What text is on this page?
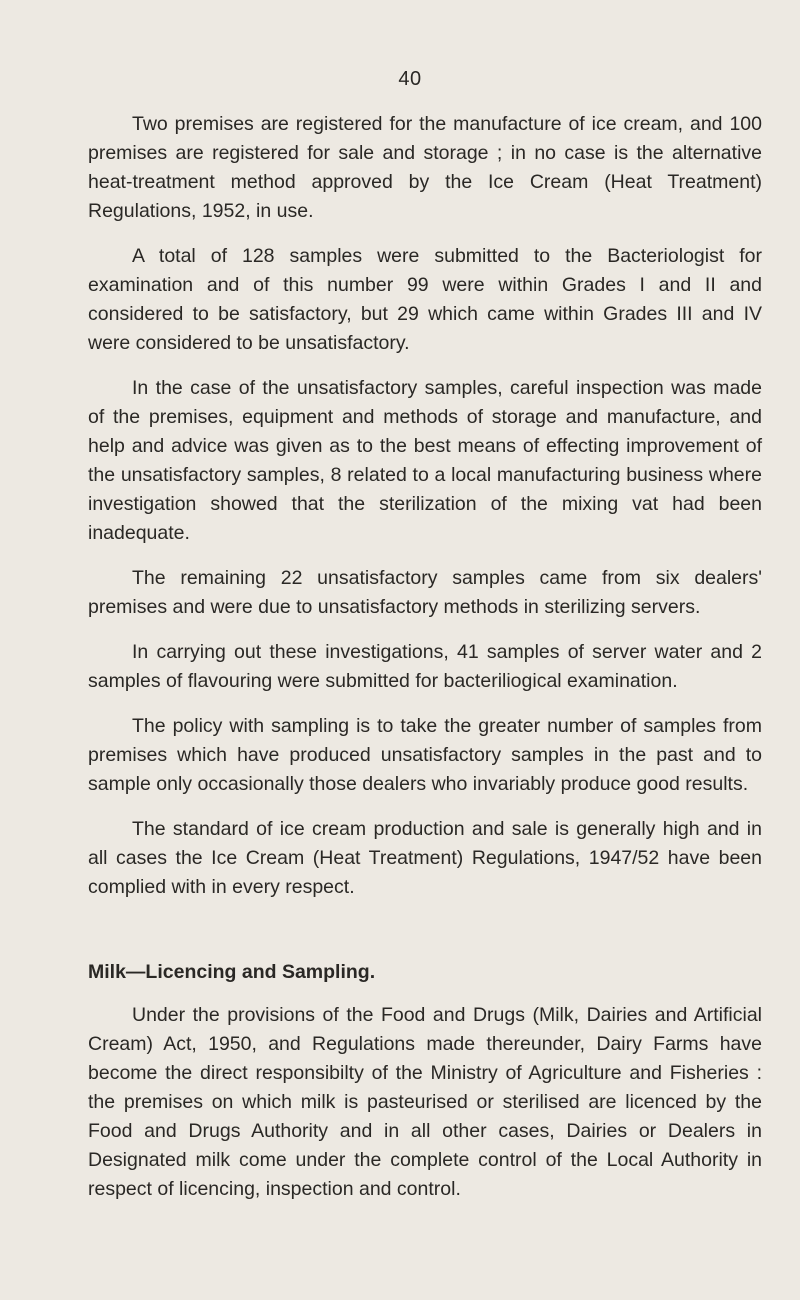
40

Two premises are registered for the manufacture of ice cream, and 100 premises are registered for sale and storage ; in no case is the alternative heat-treatment method approved by the Ice Cream (Heat Treatment) Regulations, 1952, in use.

A total of 128 samples were submitted to the Bacteriologist for examination and of this number 99 were within Grades I and II and considered to be satisfactory, but 29 which came within Grades III and IV were considered to be unsatisfactory.

In the case of the unsatisfactory samples, careful inspection was made of the premises, equipment and methods of storage and manufacture, and help and advice was given as to the best means of effecting improvement of the unsatisfactory samples, 8 related to a local manufacturing business where investigation showed that the sterilization of the mixing vat had been inadequate.

The remaining 22 unsatisfactory samples came from six dealers' premises and were due to unsatisfactory methods in sterilizing servers.

In carrying out these investigations, 41 samples of server water and 2 samples of flavouring were submitted for bacteriliogical examination.

The policy with sampling is to take the greater number of samples from premises which have produced unsatisfactory samples in the past and to sample only occasionally those dealers who invariably produce good results.

The standard of ice cream production and sale is generally high and in all cases the Ice Cream (Heat Treatment) Regulations, 1947/52 have been complied with in every respect.

Milk—Licencing and Sampling.

Under the provisions of the Food and Drugs (Milk, Dairies and Artificial Cream) Act, 1950, and Regulations made thereunder, Dairy Farms have become the direct responsibilty of the Ministry of Agriculture and Fisheries : the premises on which milk is pasteurised or sterilised are licenced by the Food and Drugs Authority and in all other cases, Dairies or Dealers in Designated milk come under the complete control of the Local Authority in respect of licencing, inspection and control.
